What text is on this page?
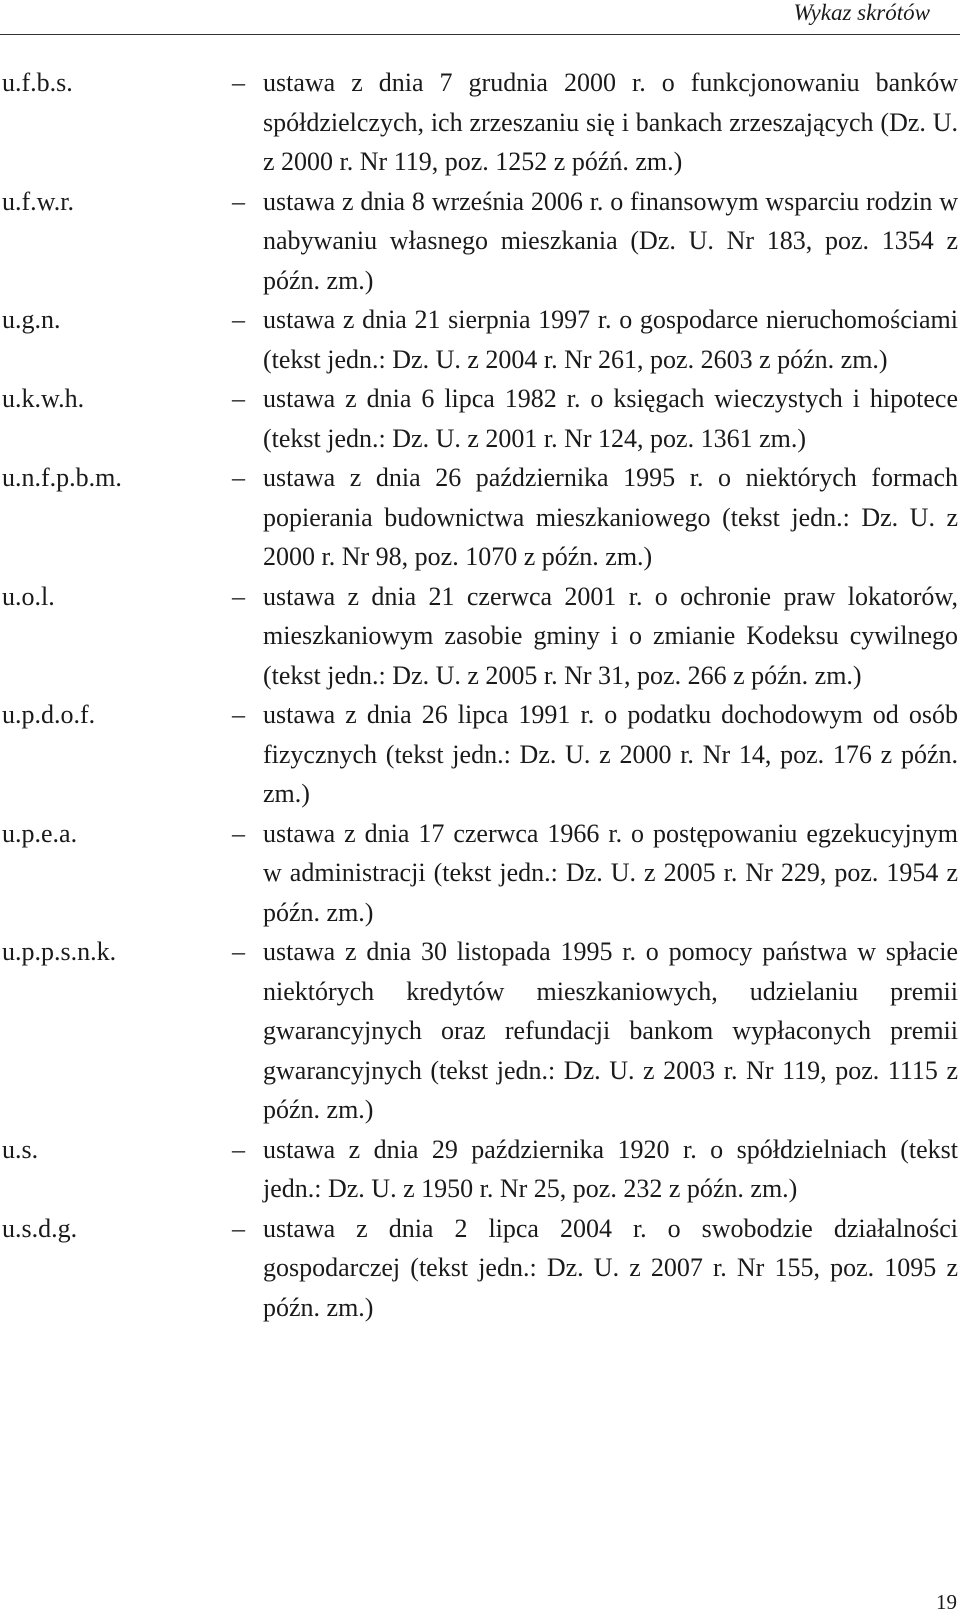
Wykaz skrótów
u.f.b.s.	– ustawa z dnia 7 grudnia 2000 r. o funkcjonowaniu banków spółdzielczych, ich zrzeszaniu się i bankach zrzeszających (Dz. U. z 2000 r. Nr 119, poz. 1252 z późń. zm.)
u.f.w.r.	– ustawa z dnia 8 września 2006 r. o finansowym wsparciu rodzin w nabywaniu własnego mieszkania (Dz. U. Nr 183, poz. 1354 z późn. zm.)
u.g.n.	– ustawa z dnia 21 sierpnia 1997 r. o gospodarce nieruchomościami (tekst jedn.: Dz. U. z 2004 r. Nr 261, poz. 2603 z późn. zm.)
u.k.w.h.	– ustawa z dnia 6 lipca 1982 r. o księgach wieczystych i hipotece (tekst jedn.: Dz. U. z 2001 r. Nr 124, poz. 1361 zm.)
u.n.f.p.b.m.	– ustawa z dnia 26 października 1995 r. o niektórych formach popierania budownictwa mieszkaniowego (tekst jedn.: Dz. U. z 2000 r. Nr 98, poz. 1070 z późn. zm.)
u.o.l.	– ustawa z dnia 21 czerwca 2001 r. o ochronie praw lokatorów, mieszkaniowym zasobie gminy i o zmianie Kodeksu cywilnego (tekst jedn.: Dz. U. z 2005 r. Nr 31, poz. 266 z późn. zm.)
u.p.d.o.f.	– ustawa z dnia 26 lipca 1991 r. o podatku dochodowym od osób fizycznych (tekst jedn.: Dz. U. z 2000 r. Nr 14, poz. 176 z późn. zm.)
u.p.e.a.	– ustawa z dnia 17 czerwca 1966 r. o postępowaniu egzekucyjnym w administracji (tekst jedn.: Dz. U. z 2005 r. Nr 229, poz. 1954 z późn. zm.)
u.p.p.s.n.k.	– ustawa z dnia 30 listopada 1995 r. o pomocy państwa w spłacie niektórych kredytów mieszkaniowych, udzielaniu premii gwarancyjnych oraz refundacji bankom wypłaconych premii gwarancyjnych (tekst jedn.: Dz. U. z 2003 r. Nr 119, poz. 1115 z późn. zm.)
u.s.	– ustawa z dnia 29 października 1920 r. o spółdzielniach (tekst jedn.: Dz. U. z 1950 r. Nr 25, poz. 232 z późn. zm.)
u.s.d.g.	– ustawa z dnia 2 lipca 2004 r. o swobodzie działalności gospodarczej (tekst jedn.: Dz. U. z 2007 r. Nr 155, poz. 1095 z późn. zm.)
19
